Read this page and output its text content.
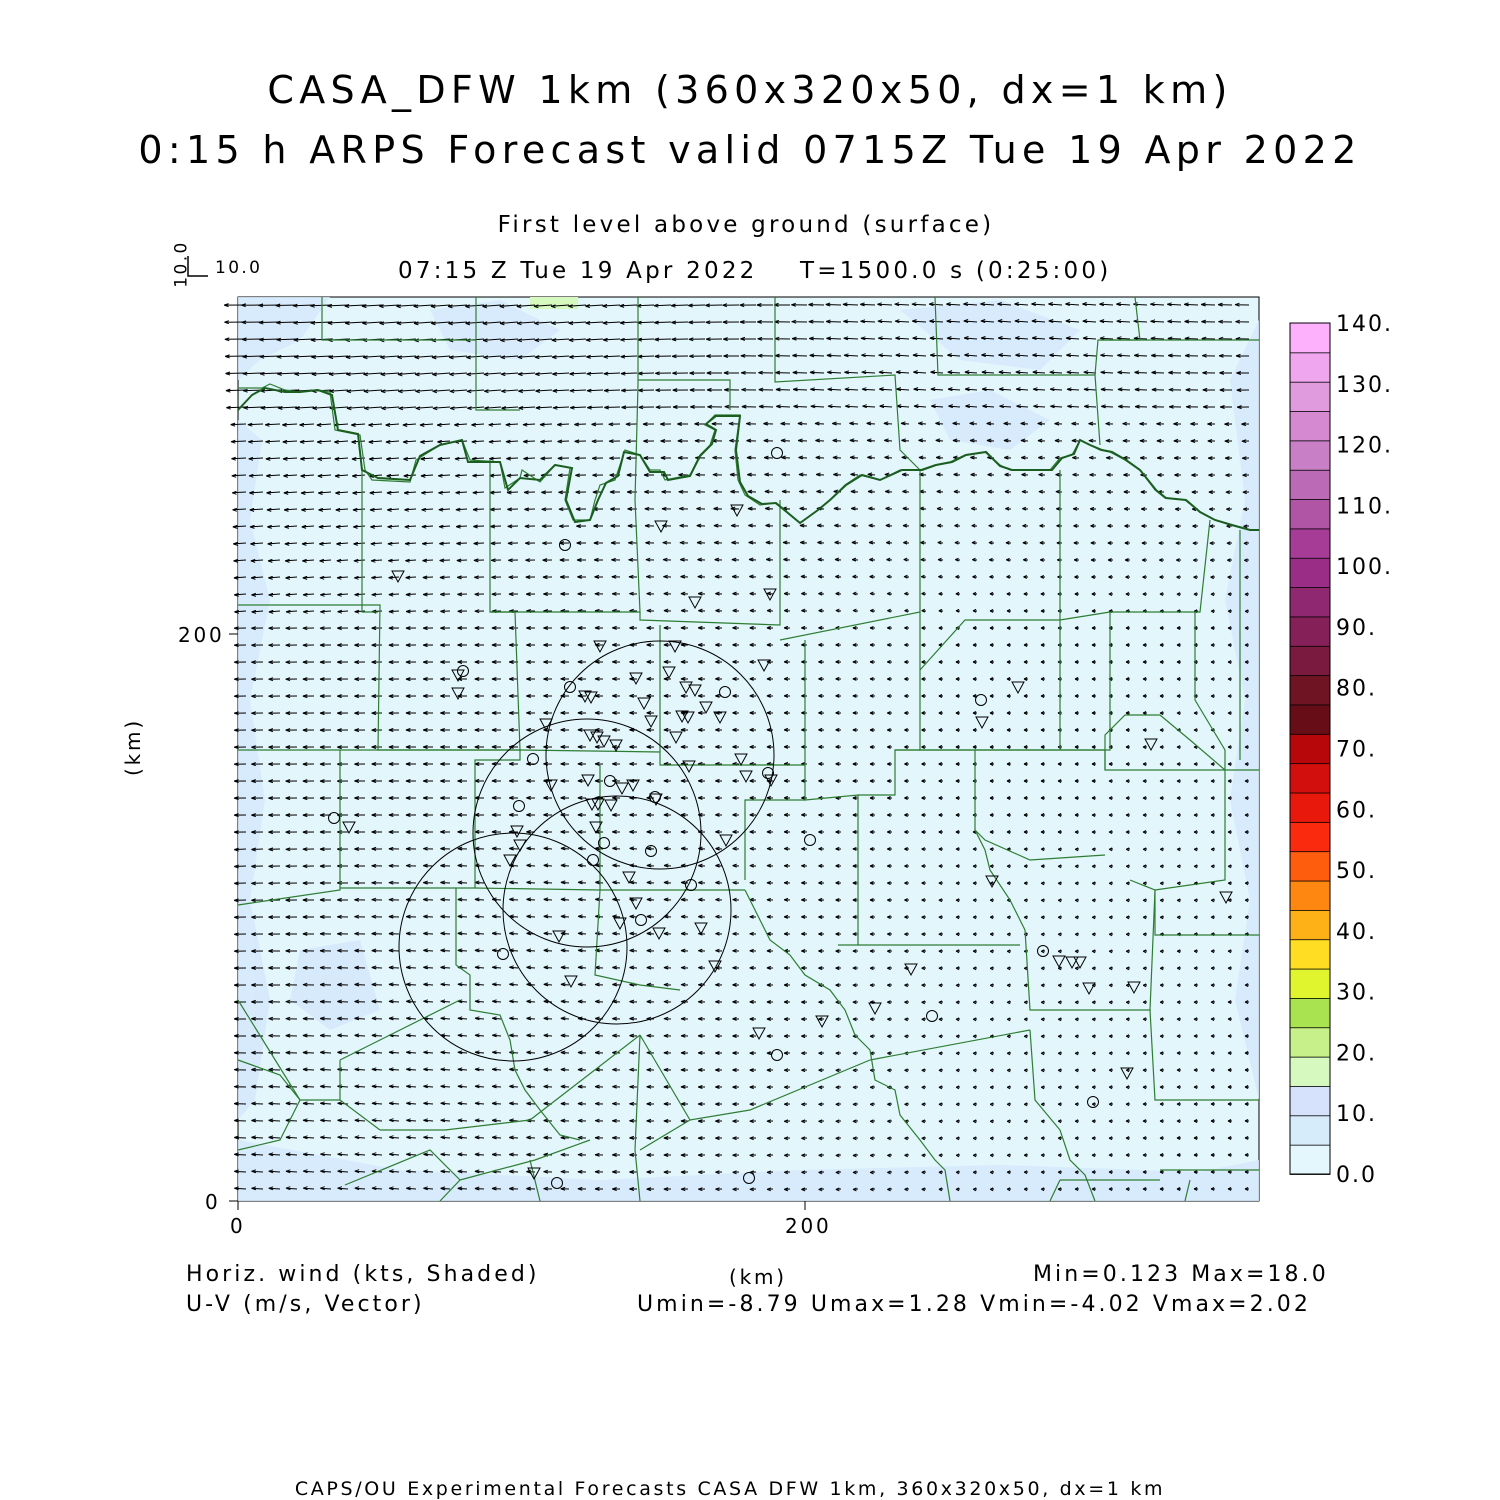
CASA_DFW 1km (360x320x50, dx=1 km)
0:15 h ARPS Forecast valid 0715Z Tue 19 Apr 2022
First level above ground (surface)
07:15 Z Tue 19 Apr 2022 T=1500.0 s (0:25:00)
0	200
0
200
(km)
10.0
10.0
0.0
10.
20.
30.
40.
50.
60.
70.
80.
90.
100.
110.
120.
130.
140.
Horiz. wind (kts, Shaded)
U-V (m/s, Vector)
(km)	Min=0.123 Max=18.0
Umin=-8.79 Umax=1.28 Vmin=-4.02 Vmax=2.02
CAPS/OU Experimental Forecasts CASA DFW 1km, 360x320x50, dx=1 km
